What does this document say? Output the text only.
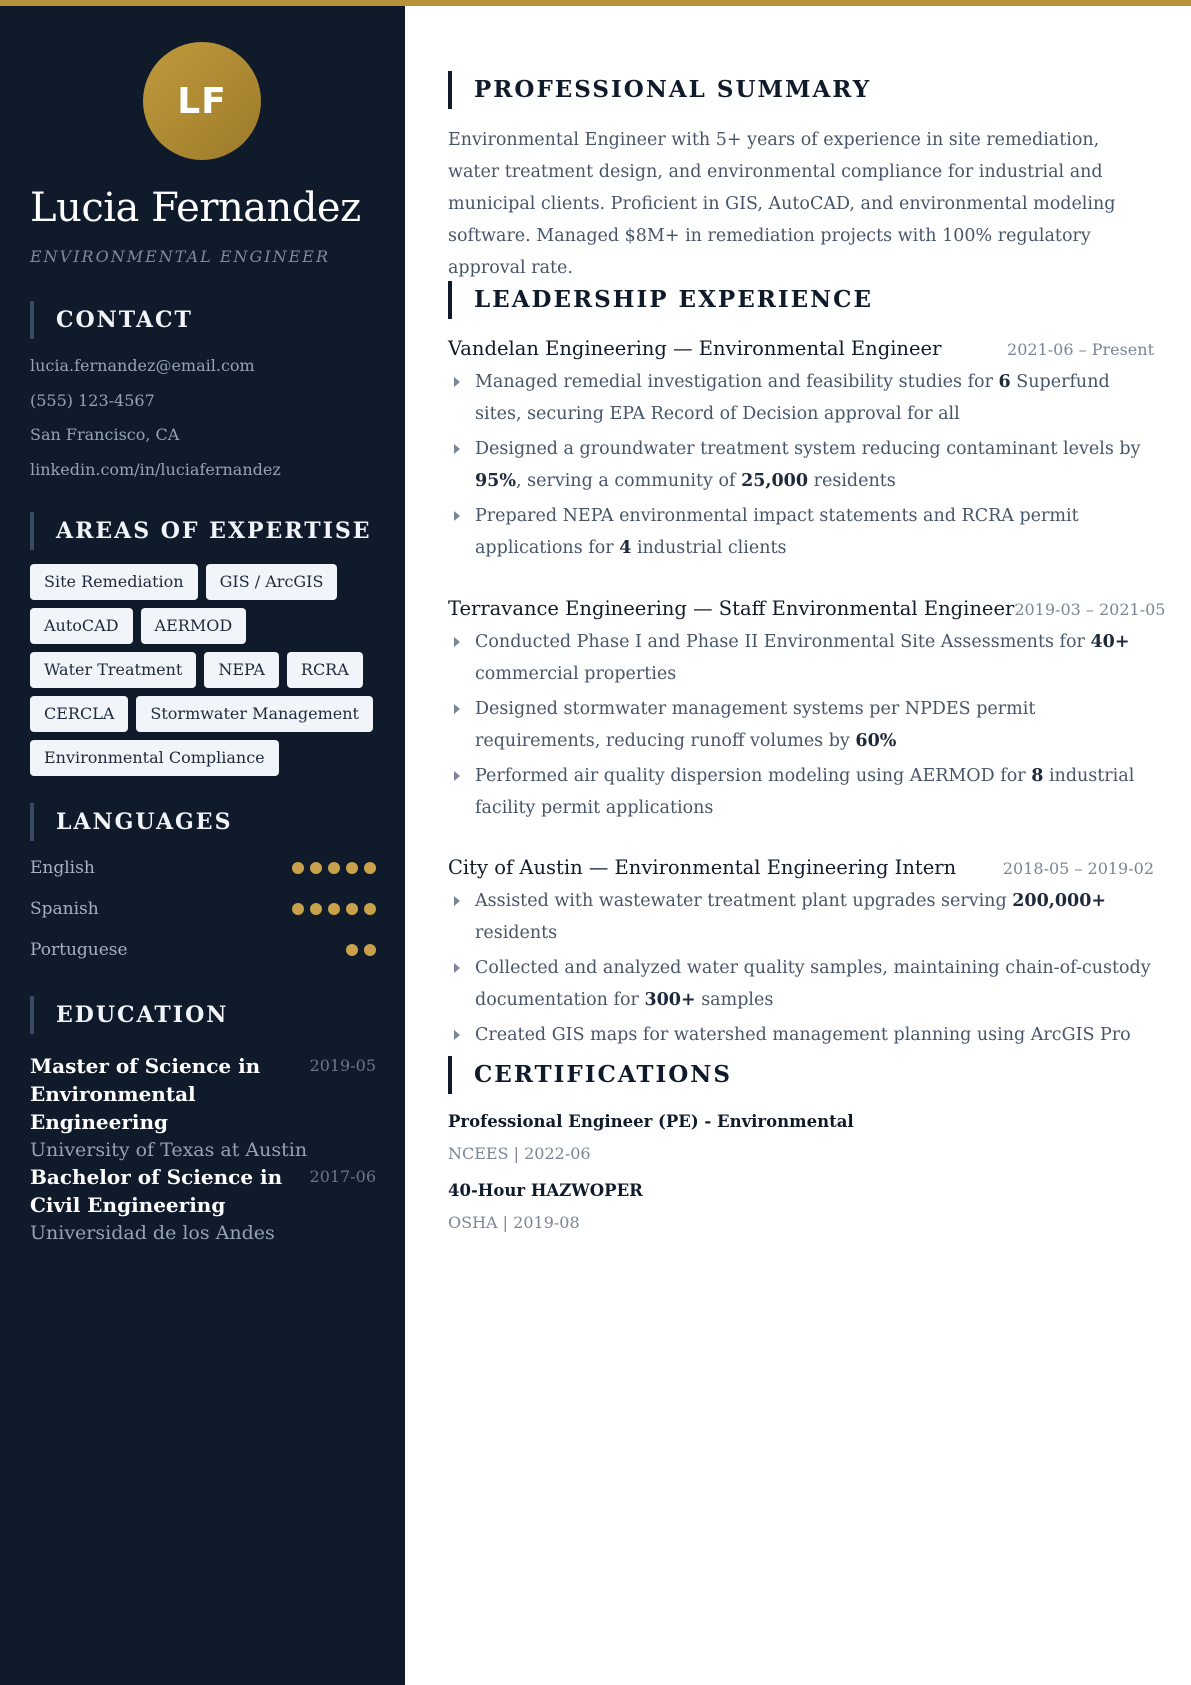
LF
Lucia Fernandez
ENVIRONMENTAL ENGINEER
CONTACT
lucia.fernandez@email.com
(555) 123-4567
San Francisco, CA
linkedin.com/in/luciafernandez
AREAS OF EXPERTISE
Site Remediation	GIS / ArcGIS
AutoCAD	AERMOD
Water Treatment	NEPA	RCRA
CERCLA	Stormwater Management
Environmental Compliance
LANGUAGES
English
Spanish
Portuguese
EDUCATION
Master of Science in Environmental Engineering
2019-05
University of Texas at Austin
Bachelor of Science in Civil Engineering
2017-06
Universidad de los Andes
PROFESSIONAL SUMMARY

Environmental Engineer with 5+ years of experience in site remediation, water treatment design, and environmental compliance for industrial and municipal clients. Proficient in GIS, AutoCAD, and environmental modeling software. Managed $8M+ in remediation projects with 100% regulatory approval rate.

LEADERSHIP EXPERIENCE
Vandelan Engineering — Environmental Engineer	2021-06 – Present
Managed remedial investigation and feasibility studies for 6 Superfund sites, securing EPA Record of Decision approval for all
Designed a groundwater treatment system reducing contaminant levels by 95%, serving a community of 25,000 residents
Prepared NEPA environmental impact statements and RCRA permit applications for 4 industrial clients
Terravance Engineering — Staff Environmental Engineer 2019-03 – 2021-05
Conducted Phase I and Phase II Environmental Site Assessments for 40+ commercial properties
Designed stormwater management systems per NPDES permit requirements, reducing runoff volumes by 60%
Performed air quality dispersion modeling using AERMOD for 8 industrial facility permit applications
City of Austin — Environmental Engineering Intern	2018-05 – 2019-02
Assisted with wastewater treatment plant upgrades serving 200,000+ residents
Collected and analyzed water quality samples, maintaining chain-of-custody documentation for 300+ samples
Created GIS maps for watershed management planning using ArcGIS Pro
CERTIFICATIONS
Professional Engineer (PE) - Environmental
NCEES | 2022-06
40-Hour HAZWOPER
OSHA | 2019-08
